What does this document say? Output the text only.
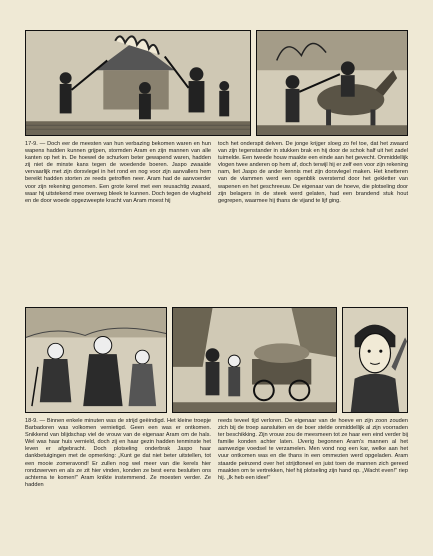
17-9. — Doch eer de meesten van hun verbazing bekomen waren en hun wapens hadden kunnen grijpen, stormden Aram en zijn mannen van alle kanten op het in. De hoewel de schurken beter gewapend waren, hadden zij niet de minste kans tegen de woedende boeren. Jaspo zwaaide vervaarlijk met zijn dorsvlegel in het rond en nog voor zijn aanvallers hem bereikt hadden storten ze reeds getroffen neer. Aram had de aanvoerder voor zijn rekening genomen. Een grote kerel met een reusachtig zwaard, waar hij uitstekend mee overweg bleek te kunnen. Doch tegen de vlugheid en de door woede opgezweepte kracht van Aram moest hij

toch het onderspit delven. De jonge krijger sloeg zo fel toe, dat het zwaard van zijn tegenstander in stukken brak en hij door de schok half uit het zadel tuimelde. Een tweede houw maakte een einde aan het gevecht. Onmiddellijk vlogen twee anderen op hem af, doch terwijl hij er zelf een voor zijn rekening nam, liet Jaspo de ander kennis met zijn dorsvlegel maken. Het knetteren van de vlammen werd een ogenblik overstemd door het gekletter van wapenen en het geschreeuw. De eigenaar van de hoeve, die plotseling door zijn belagers in de steek werd gelaten, had een brandend stuk hout gegrepen, waarmee hij thans de vijand te lijf ging.

18-9. — Binnen enkele minuten was de strijd geëindigd. Het kleine troepje Barbadoren was volkomen vernietigd. Geen een was er ontkomen. Snikkend van blijdschap viel de vrouw van de eigenaar Aram om de hals. Wel was haar huis vernield, doch zij en haar gezin hadden tenminste het leven er afgebracht. Doch plotseling onderbrak Jaspo haar dankbetuigingen met de opmerking: „Kunt ge dat niet beter uitstellen, tot een mooie zomeravond! Er zullen nog wel meer van die kerels hier rondzwerven en als ze zit hier vinden, konden ze best eens besluiten ons achterna te komen!" Aram knikte instemmend. Ze moesten verder. Ze hadden

reeds teveel tijd verloren. De eigenaar van de hoeve en zijn zoon zouden zich bij de troep aansluiten en de boer stelde onmiddellijk al zijn voorraden ter beschikking. Zijn vrouw zou de meesmeen tot ze haar een eind verder bij familie konden achter laten. IJverig begonnen Aram's mannen al het aanwezige voedsel te verzamelen. Men vond nog een kar, welke aan het vuur ontkomen was en die thans in een ommezien werd opgeladen. Aram staarde peinzend over het strijdtoneel en juist toen de mannen zich gereed maakten om te vertrekken, hief hij plotseling zijn hand op. „Wacht even!" riep hij. „Ik heb een idee!"
